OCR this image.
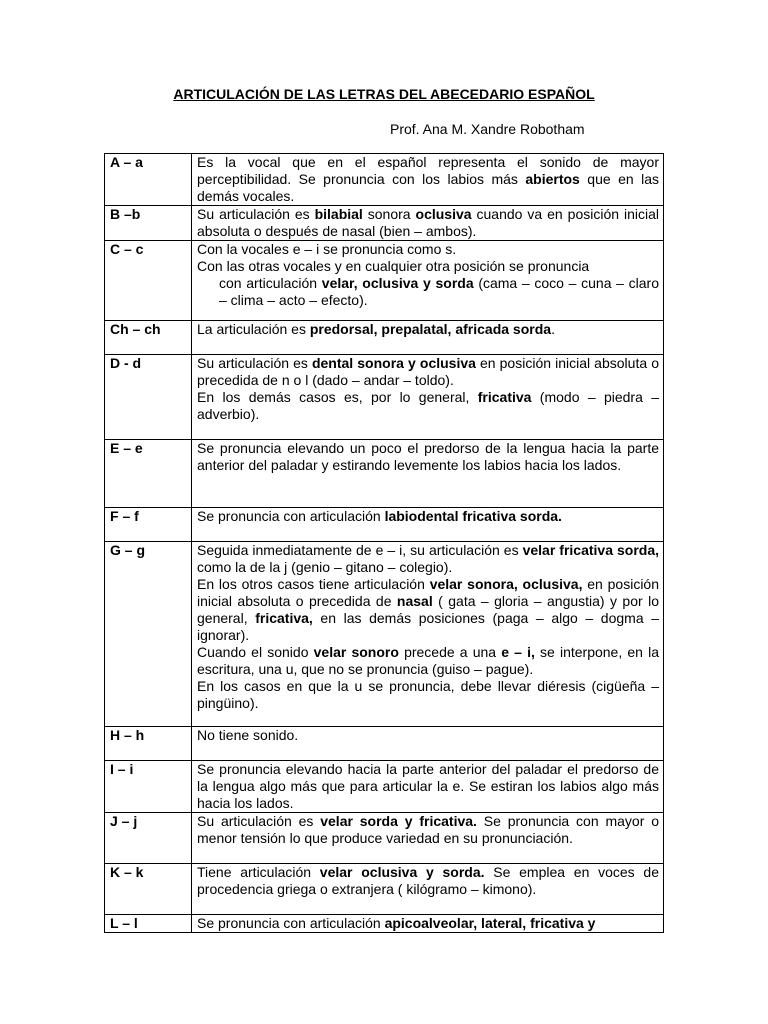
ARTICULACIÓN DE LAS LETRAS DEL ABECEDARIO ESPAÑOL
Prof. Ana M. Xandre Robotham
A – a	Es la vocal que en el español representa el sonido de mayor perceptibilidad. Se pronuncia con los labios más abiertos que en las demás vocales.

B –b	Su articulación es bilabial sonora oclusiva cuando va en posición inicial absoluta o después de nasal (bien – ambos).

C – c	Con la vocales e – i se pronuncia como s.
Con las otras vocales y en cualquier otra posición se pronuncia
con articulación velar, oclusiva y sorda (cama – coco – cuna – claro – clima – acto – efecto).

Ch – ch	La articulación es predorsal, prepalatal, africada sorda.

D - d	Su articulación es dental sonora y oclusiva en posición inicial absoluta o precedida de n o l (dado – andar – toldo).
En los demás casos es, por lo general, fricativa (modo – piedra – adverbio).

E – e	Se pronuncia elevando un poco el predorso de la lengua hacia la parte anterior del paladar y estirando levemente los labios hacia los lados.

F – f	Se pronuncia con articulación labiodental fricativa sorda.

G – g	Seguida inmediatamente de e – i, su articulación es velar fricativa sorda, como la de la j (genio – gitano – colegio).
En los otros casos tiene articulación velar sonora, oclusiva, en posición inicial absoluta o precedida de nasal ( gata – gloria – angustia) y por lo general, fricativa, en las demás posiciones (paga – algo – dogma – ignorar).
Cuando el sonido velar sonoro precede a una e – i, se interpone, en la escritura, una u, que no se pronuncia (guiso – pague).
En los casos en que la u se pronuncia, debe llevar diéresis (cigüeña – pingüino).

H – h	No tiene sonido.

I – i	Se pronuncia elevando hacia la parte anterior del paladar el predorso de la lengua algo más que para articular la e. Se estiran los labios algo más hacia los lados.

J – j	Su articulación es velar sorda y fricativa. Se pronuncia con mayor o menor tensión lo que produce variedad en su pronunciación.

K – k	Tiene articulación velar oclusiva y sorda. Se emplea en voces de procedencia griega o extranjera ( kilógramo – kimono).

L – l	Se pronuncia con articulación apicoalveolar, lateral, fricativa y
